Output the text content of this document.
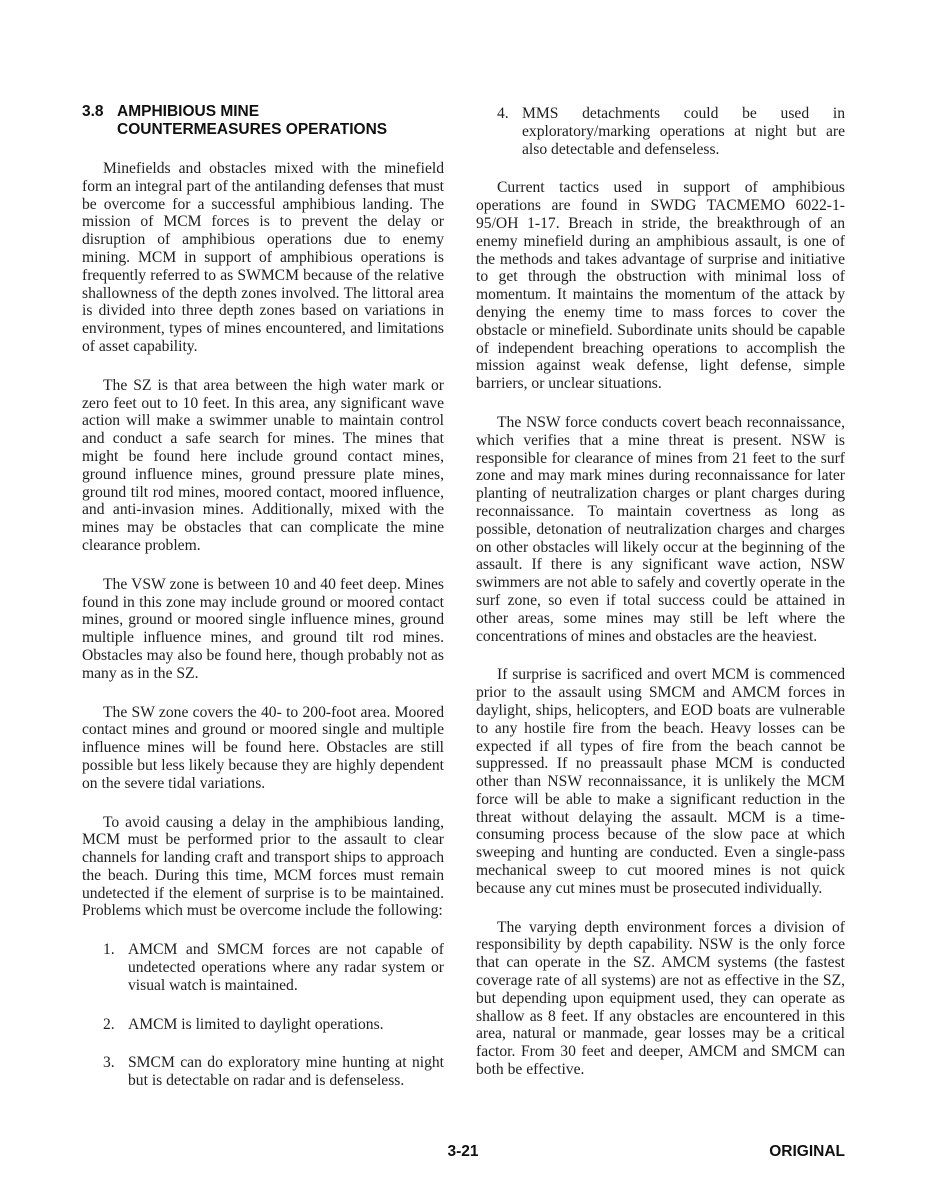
3.8 AMPHIBIOUS MINE
COUNTERMEASURES OPERATIONS

Minefields and obstacles mixed with the minefield form an integral part of the antilanding defenses that must be overcome for a successful amphibious landing. The mission of MCM forces is to prevent the delay or disruption of amphibious operations due to enemy mining. MCM in support of amphibious operations is frequently referred to as SWMCM because of the relative shallowness of the depth zones involved. The littoral area is divided into three depth zones based on variations in environment, types of mines encountered, and limitations of asset capability.

The SZ is that area between the high water mark or zero feet out to 10 feet. In this area, any significant wave action will make a swimmer unable to maintain control and conduct a safe search for mines. The mines that might be found here include ground contact mines, ground influence mines, ground pressure plate mines, ground tilt rod mines, moored contact, moored influence, and anti-invasion mines. Additionally, mixed with the mines may be obstacles that can complicate the mine clearance problem.

The VSW zone is between 10 and 40 feet deep. Mines found in this zone may include ground or moored contact mines, ground or moored single influence mines, ground multiple influence mines, and ground tilt rod mines. Obstacles may also be found here, though probably not as many as in the SZ.

The SW zone covers the 40- to 200-foot area. Moored contact mines and ground or moored single and multiple influence mines will be found here. Obstacles are still possible but less likely because they are highly dependent on the severe tidal variations.

To avoid causing a delay in the amphibious landing, MCM must be performed prior to the assault to clear channels for landing craft and transport ships to approach the beach. During this time, MCM forces must remain undetected if the element of surprise is to be maintained. Problems which must be overcome include the following:

1. AMCM and SMCM forces are not capable of undetected operations where any radar system or visual watch is maintained.
2. AMCM is limited to daylight operations.
3. SMCM can do exploratory mine hunting at night but is detectable on radar and is defenseless.
4. MMS detachments could be used in exploratory/marking operations at night but are also detectable and defenseless.

Current tactics used in support of amphibious operations are found in SWDG TACMEMO 6022-1-95/OH 1-17. Breach in stride, the breakthrough of an enemy minefield during an amphibious assault, is one of the methods and takes advantage of surprise and initiative to get through the obstruction with minimal loss of momentum. It maintains the momentum of the attack by denying the enemy time to mass forces to cover the obstacle or minefield. Subordinate units should be capable of independent breaching operations to accomplish the mission against weak defense, light defense, simple barriers, or unclear situations.

The NSW force conducts covert beach reconnaissance, which verifies that a mine threat is present. NSW is responsible for clearance of mines from 21 feet to the surf zone and may mark mines during reconnaissance for later planting of neutralization charges or plant charges during reconnaissance. To maintain covertness as long as possible, detonation of neutralization charges and charges on other obstacles will likely occur at the beginning of the assault. If there is any significant wave action, NSW swimmers are not able to safely and covertly operate in the surf zone, so even if total success could be attained in other areas, some mines may still be left where the concentrations of mines and obstacles are the heaviest.

If surprise is sacrificed and overt MCM is commenced prior to the assault using SMCM and AMCM forces in daylight, ships, helicopters, and EOD boats are vulnerable to any hostile fire from the beach. Heavy losses can be expected if all types of fire from the beach cannot be suppressed. If no preassault phase MCM is conducted other than NSW reconnaissance, it is unlikely the MCM force will be able to make a significant reduction in the threat without delaying the assault. MCM is a time-consuming process because of the slow pace at which sweeping and hunting are conducted. Even a single-pass mechanical sweep to cut moored mines is not quick because any cut mines must be prosecuted individually.

The varying depth environment forces a division of responsibility by depth capability. NSW is the only force that can operate in the SZ. AMCM systems (the fastest coverage rate of all systems) are not as effective in the SZ, but depending upon equipment used, they can operate as shallow as 8 feet. If any obstacles are encountered in this area, natural or manmade, gear losses may be a critical factor. From 30 feet and deeper, AMCM and SMCM can both be effective.

3-21	ORIGINAL
